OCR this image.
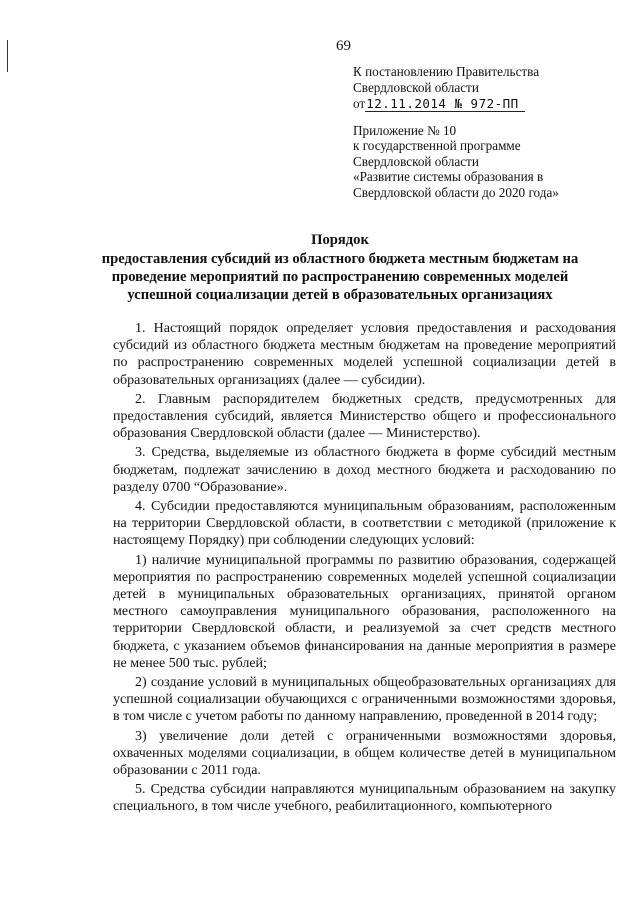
69
К постановлению Правительства
Свердловской области
от12.11.2014 № 972-ПП
Приложение № 10
к государственной программе
Свердловской области
«Развитие системы образования в
Свердловской области до 2020 года»
Порядок
предоставления субсидий из областного бюджета местным бюджетам на
проведение мероприятий по распространению современных моделей
успешной социализации детей в образовательных организациях

1. Настоящий порядок определяет условия предоставления и расходования субсидий из областного бюджета местным бюджетам на проведение мероприятий по распространению современных моделей успешной социализации детей в образовательных организациях (далее — субсидии).

2. Главным распорядителем бюджетных средств, предусмотренных для предоставления субсидий, является Министерство общего и профессионального образования Свердловской области (далее — Министерство).

3. Средства, выделяемые из областного бюджета в форме субсидий местным бюджетам, подлежат зачислению в доход местного бюджета и расходованию по разделу 0700 “Образование».

4. Субсидии предоставляются муниципальным образованиям, расположенным на территории Свердловской области, в соответствии с методикой (приложение к настоящему Порядку) при соблюдении следующих условий:

1) наличие муниципальной программы по развитию образования, содержащей мероприятия по распространению современных моделей успешной социализации детей в муниципальных образовательных организациях, принятой органом местного самоуправления муниципального образования, расположенного на территории Свердловской области, и реализуемой за счет средств местного бюджета, с указанием объемов финансирования на данные мероприятия в размере не менее 500 тыс. рублей;

2) создание условий в муниципальных общеобразовательных организациях для успешной социализации обучающихся с ограниченными возможностями здоровья, в том числе с учетом работы по данному направлению, проведенной в 2014 году;

3) увеличение доли детей с ограниченными возможностями здоровья, охваченных моделями социализации, в общем количестве детей в муниципальном образовании с 2011 года.

5. Средства субсидии направляются муниципальным образованием на закупку специального, в том числе учебного, реабилитационного, компьютерного
